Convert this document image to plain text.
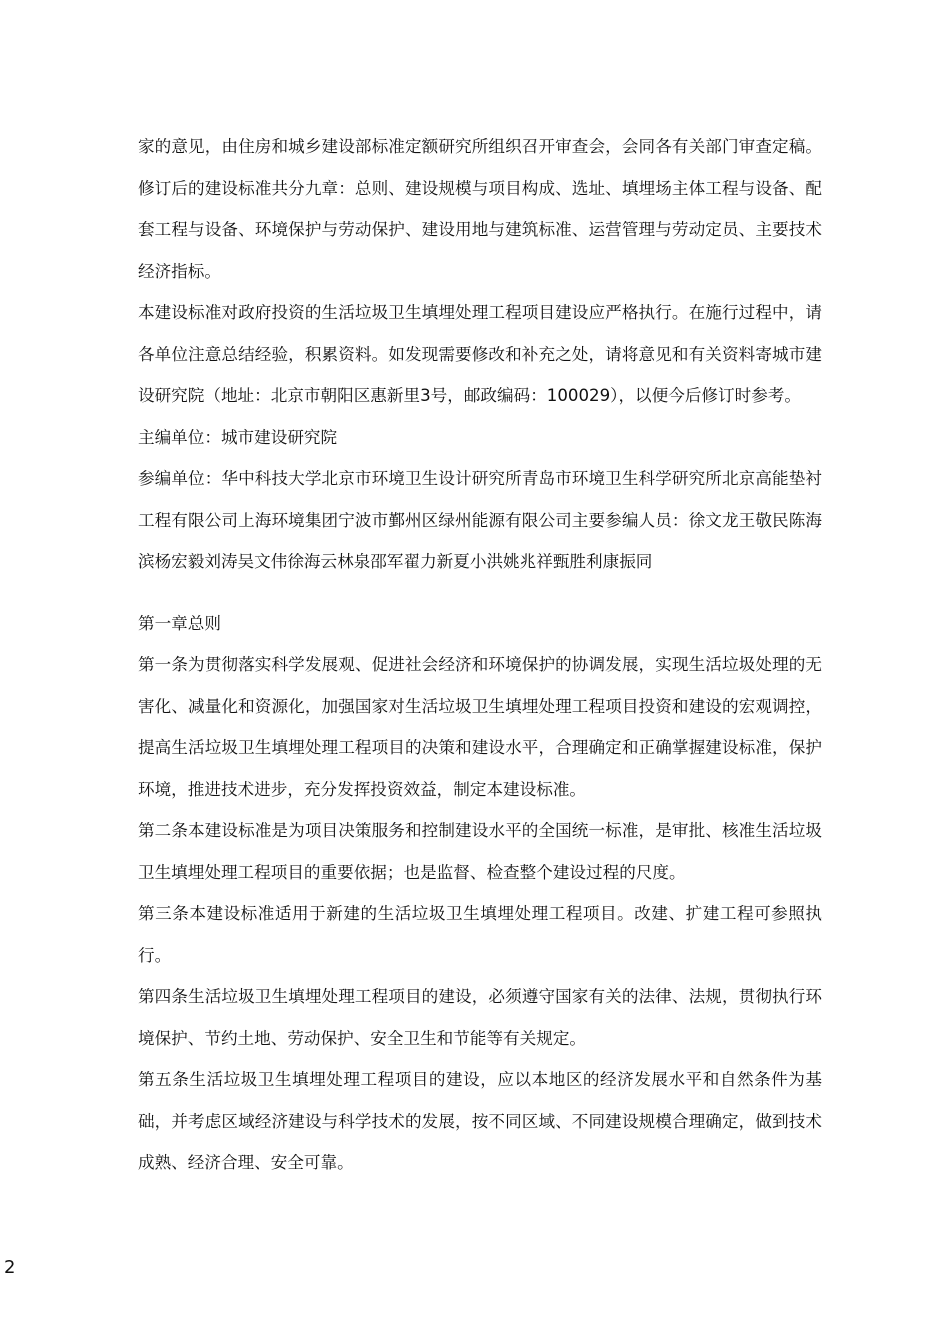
家的意见，由住房和城乡建设部标准定额研究所组织召开审查会，会同各有关部门审查定稿。修订后的建设标准共分九章：总则、建设规模与项目构成、选址、填埋场主体工程与设备、配套工程与设备、环境保护与劳动保护、建设用地与建筑标准、运营管理与劳动定员、主要技术经济指标。

本建设标准对政府投资的生活垃圾卫生填埋处理工程项目建设应严格执行。在施行过程中，请各单位注意总结经验，积累资料。如发现需要修改和补充之处，请将意见和有关资料寄城市建设研究院（地址：北京市朝阳区惠新里3号，邮政编码：100029），以便今后修订时参考。

主编单位：城市建设研究院

参编单位：华中科技大学北京市环境卫生设计研究所青岛市环境卫生科学研究所北京高能垫衬工程有限公司上海环境集团宁波市鄞州区绿州能源有限公司主要参编人员：徐文龙王敬民陈海滨杨宏毅刘涛吴文伟徐海云林泉邵军翟力新夏小洪姚兆祥甄胜利康振同

第一章总则

第一条为贯彻落实科学发展观、促进社会经济和环境保护的协调发展，实现生活垃圾处理的无害化、减量化和资源化，加强国家对生活垃圾卫生填埋处理工程项目投资和建设的宏观调控，提高生活垃圾卫生填埋处理工程项目的决策和建设水平，合理确定和正确掌握建设标准，保护环境，推进技术进步，充分发挥投资效益，制定本建设标准。

第二条本建设标准是为项目决策服务和控制建设水平的全国统一标准，是审批、核准生活垃圾卫生填埋处理工程项目的重要依据；也是监督、检查整个建设过程的尺度。

第三条本建设标准适用于新建的生活垃圾卫生填埋处理工程项目。改建、扩建工程可参照执行。

第四条生活垃圾卫生填埋处理工程项目的建设，必须遵守国家有关的法律、法规，贯彻执行环境保护、节约土地、劳动保护、安全卫生和节能等有关规定。

第五条生活垃圾卫生填埋处理工程项目的建设，应以本地区的经济发展水平和自然条件为基础，并考虑区域经济建设与科学技术的发展，按不同区域、不同建设规模合理确定，做到技术成熟、经济合理、安全可靠。

2
